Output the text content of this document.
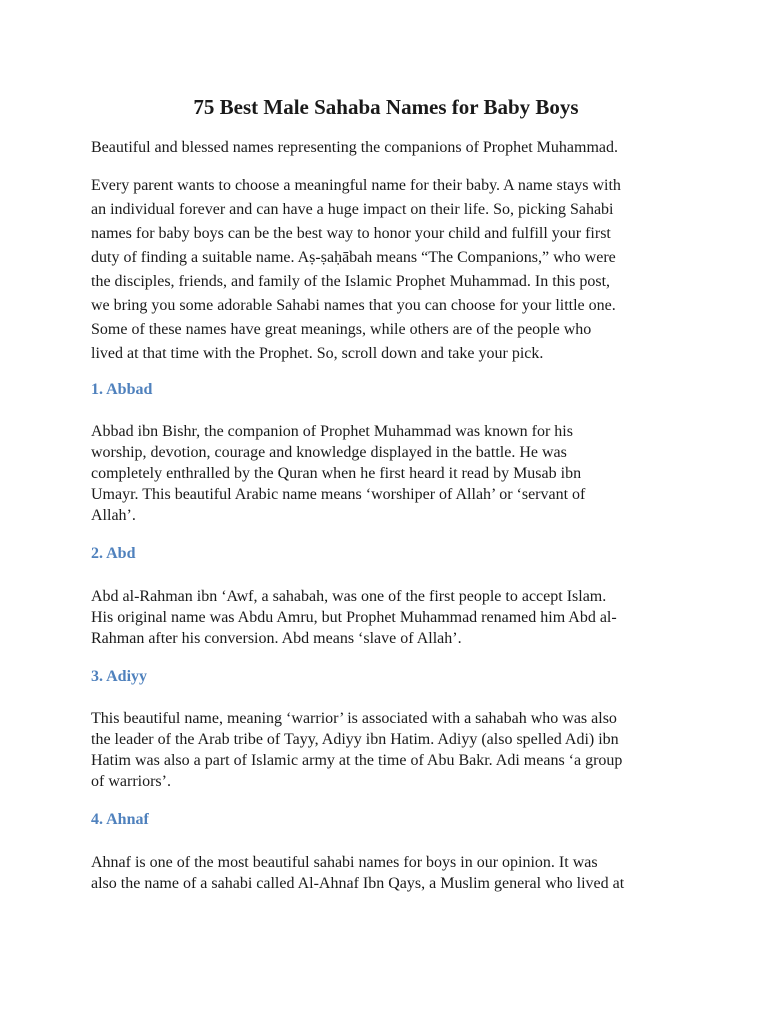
75 Best Male Sahaba Names for Baby Boys

Beautiful and blessed names representing the companions of Prophet Muhammad.

Every parent wants to choose a meaningful name for their baby. A name stays with
an individual forever and can have a huge impact on their life. So, picking Sahabi
names for baby boys can be the best way to honor your child and fulfill your first
duty of finding a suitable name. Aṣ-ṣaḥābah means “The Companions,” who were
the disciples, friends, and family of the Islamic Prophet Muhammad. In this post,
we bring you some adorable Sahabi names that you can choose for your little one.
Some of these names have great meanings, while others are of the people who
lived at that time with the Prophet. So, scroll down and take your pick.

1. Abbad

Abbad ibn Bishr, the companion of Prophet Muhammad was known for his
worship, devotion, courage and knowledge displayed in the battle. He was
completely enthralled by the Quran when he first heard it read by Musab ibn
Umayr. This beautiful Arabic name means ‘worshiper of Allah’ or ‘servant of
Allah’.

2. Abd

Abd al-Rahman ibn ‘Awf, a sahabah, was one of the first people to accept Islam.
His original name was Abdu Amru, but Prophet Muhammad renamed him Abd al-
Rahman after his conversion. Abd means ‘slave of Allah’.

3. Adiyy

This beautiful name, meaning ‘warrior’ is associated with a sahabah who was also
the leader of the Arab tribe of Tayy, Adiyy ibn Hatim. Adiyy (also spelled Adi) ibn
Hatim was also a part of Islamic army at the time of Abu Bakr. Adi means ‘a group
of warriors’.

4. Ahnaf

Ahnaf is one of the most beautiful sahabi names for boys in our opinion. It was
also the name of a sahabi called Al-Ahnaf Ibn Qays, a Muslim general who lived at
